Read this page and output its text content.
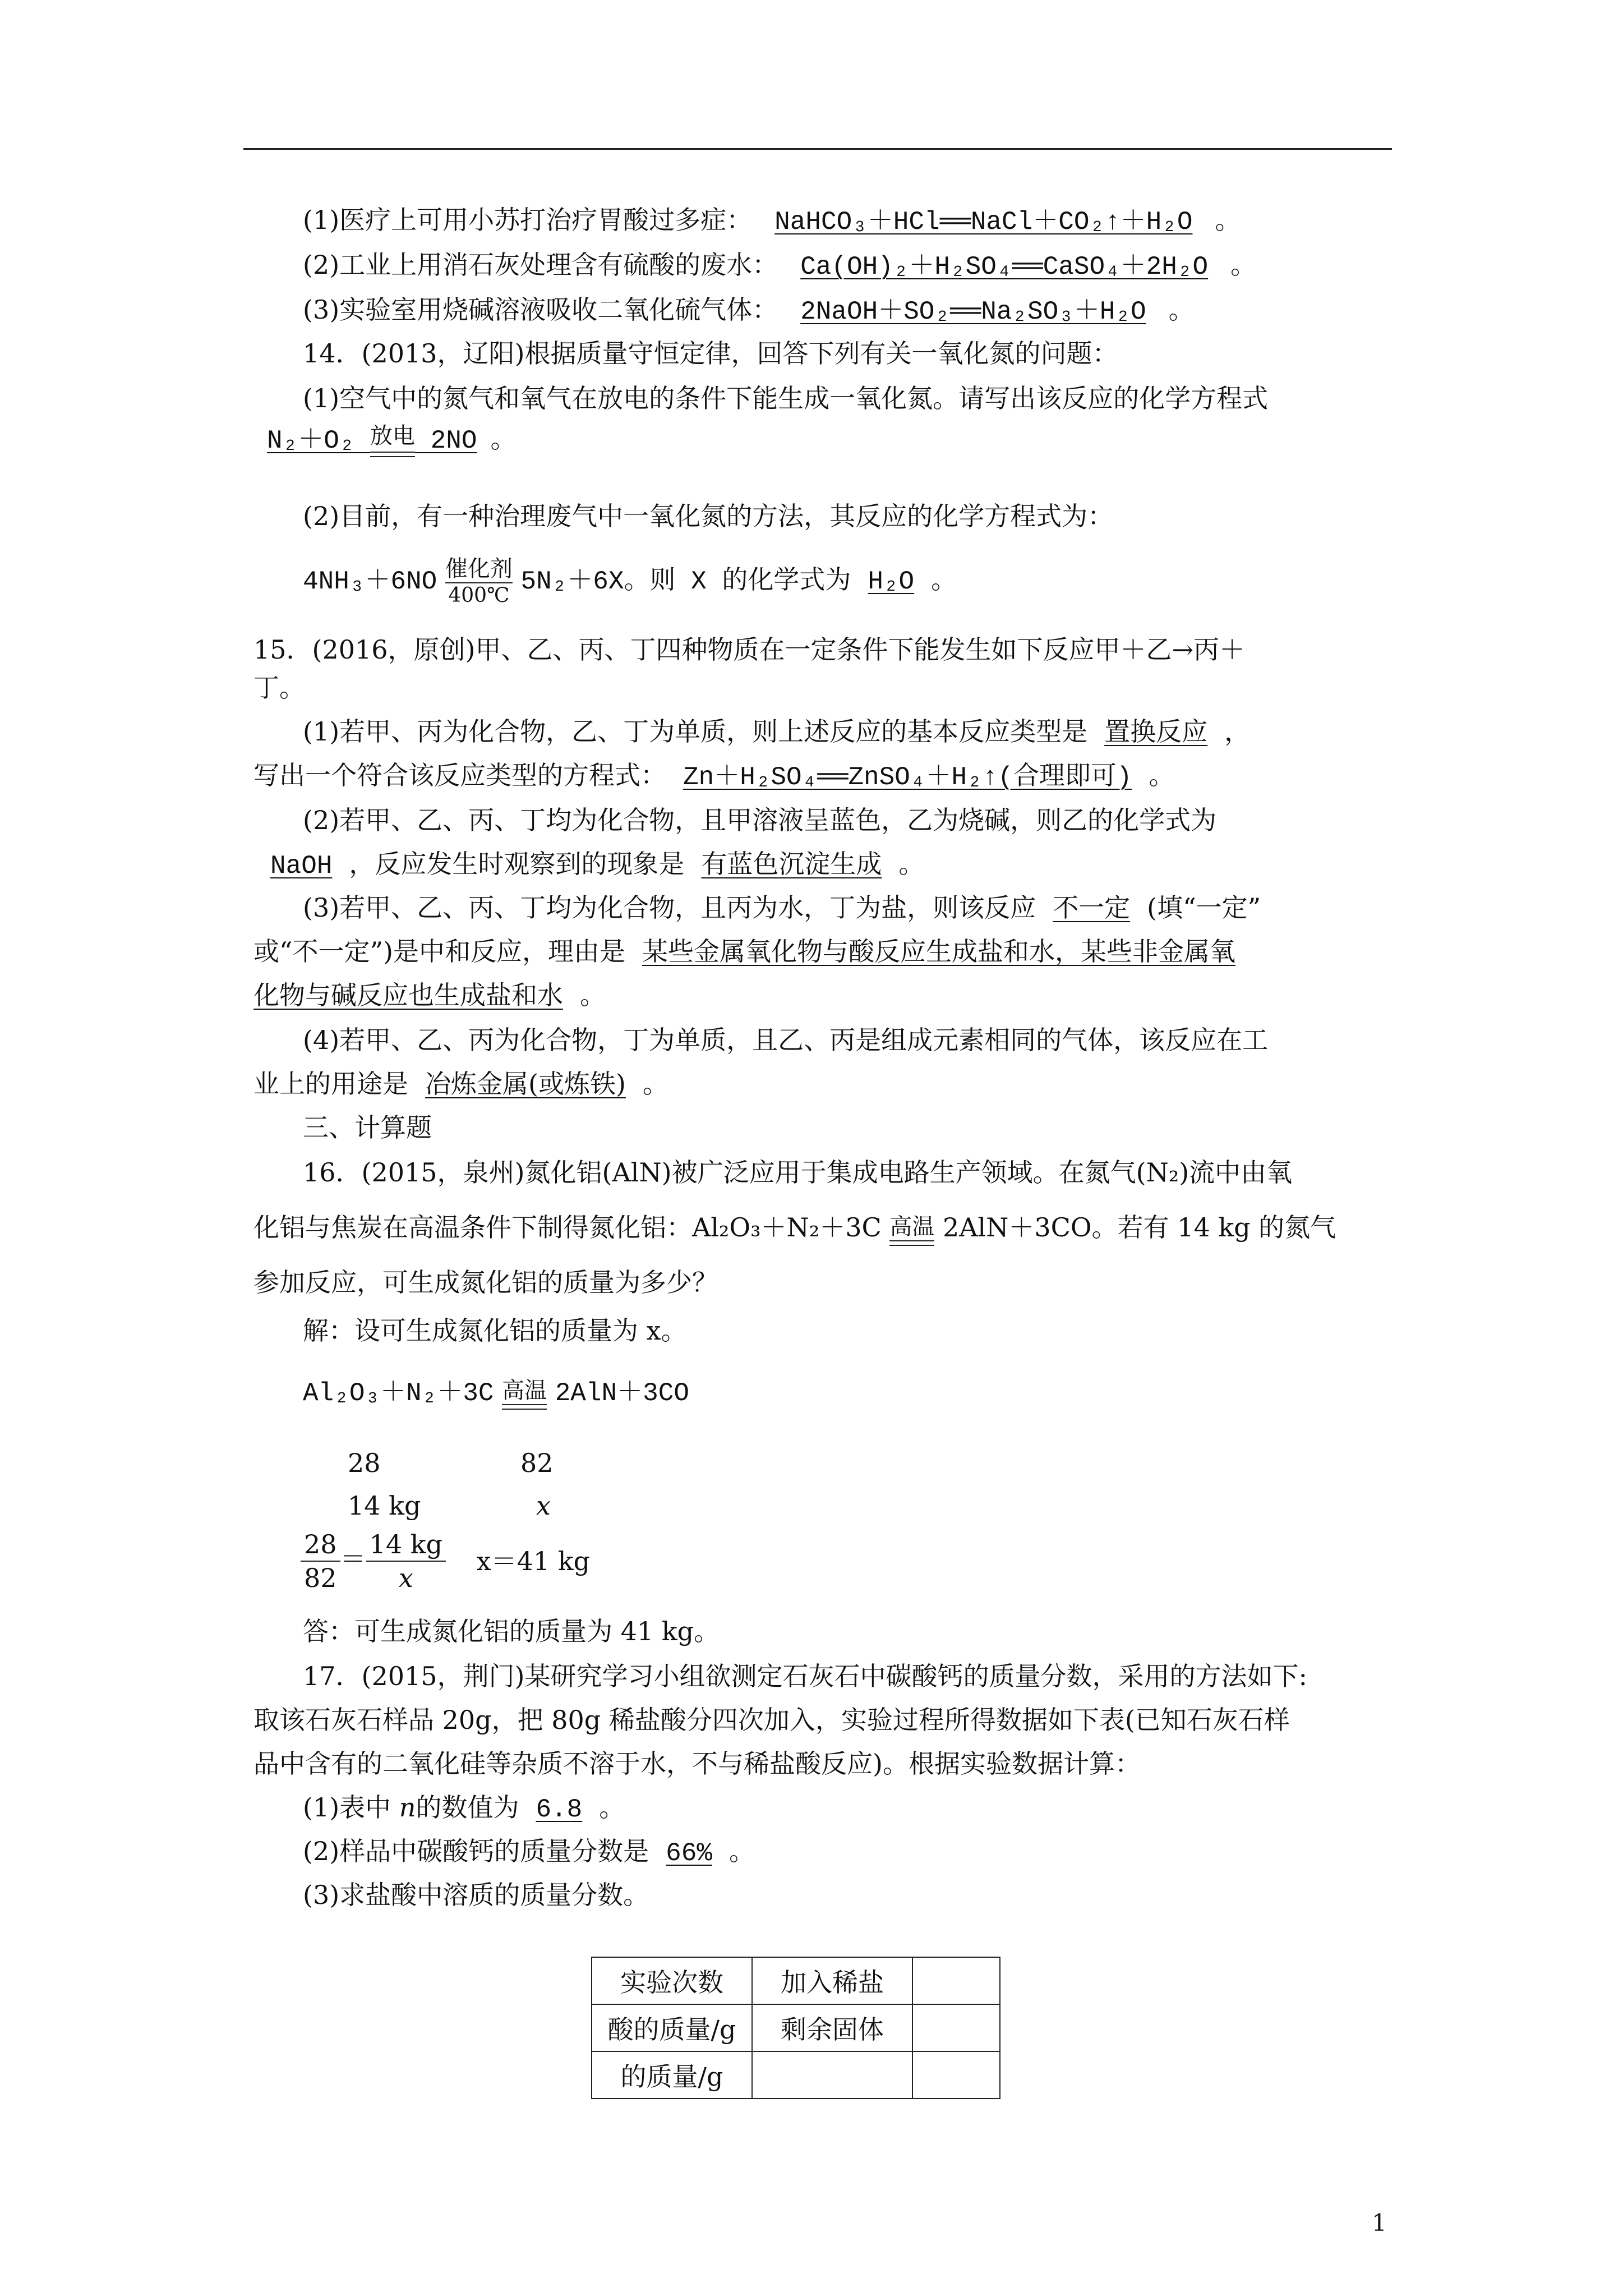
(1)医疗上可用小苏打治疗胃酸过多症： NaHCO₃＋HCl══NaCl＋CO₂↑＋H₂O 。
(2)工业上用消石灰处理含有硫酸的废水： Ca(OH)₂＋H₂SO₄══CaSO₄＋2H₂O 。
(3)实验室用烧碱溶液吸收二氧化硫气体： 2NaOH＋SO₂══Na₂SO₃＋H₂O 。
14．(2013，辽阳)根据质量守恒定律，回答下列有关一氧化氮的问题：
(1)空气中的氮气和氧气在放电的条件下能生成一氧化氮。请写出该反应的化学方程式
N₂＋O₂ 放电 2NO 。
(2)目前，有一种治理废气中一氧化氮的方法，其反应的化学方程式为：
4NH₃＋6NO 催化剂
400℃ 5N₂＋6X。则 X 的化学式为 H₂O 。
15．(2016，原创)甲、乙、丙、丁四种物质在一定条件下能发生如下反应甲＋乙→丙＋
丁。
(1)若甲、丙为化合物，乙、丁为单质，则上述反应的基本反应类型是 置换反应 ，
写出一个符合该反应类型的方程式： Zn＋H₂SO₄══ZnSO₄＋H₂↑(合理即可) 。
(2)若甲、乙、丙、丁均为化合物，且甲溶液呈蓝色，乙为烧碱，则乙的化学式为
NaOH ，反应发生时观察到的现象是 有蓝色沉淀生成 。
(3)若甲、乙、丙、丁均为化合物，且丙为水，丁为盐，则该反应 不一定 (填“一定”
或“不一定”)是中和反应，理由是 某些金属氧化物与酸反应生成盐和水，某些非金属氧
化物与碱反应也生成盐和水 。
(4)若甲、乙、丙为化合物，丁为单质，且乙、丙是组成元素相同的气体，该反应在工
业上的用途是 冶炼金属(或炼铁) 。
三、计算题
16．(2015，泉州)氮化铝(AlN)被广泛应用于集成电路生产领域。在氮气(N₂)流中由氧
化铝与焦炭在高温条件下制得氮化铝：Al₂O₃＋N₂＋3C 高温 2AlN＋3CO。若有 14 kg 的氮气
参加反应，可生成氮化铝的质量为多少？
解：设可生成氮化铝的质量为 x。
Al₂O₃＋N₂＋3C 高温 2AlN＋3CO
28	82
14 kg	x
$\frac{28}{82} = \frac{14 kg}{x} x=41$ kg
答：可生成氮化铝的质量为 41 kg。
17．(2015，荆门)某研究学习小组欲测定石灰石中碳酸钙的质量分数，采用的方法如下:
取该石灰石样品 20g，把 80g 稀盐酸分四次加入，实验过程所得数据如下表(已知石灰石样
品中含有的二氧化硅等杂质不溶于水，不与稀盐酸反应)。根据实验数据计算：
(1)表中 n的数值为 6.8 。
(2)样品中碳酸钙的质量分数是 66% 。
(3)求盐酸中溶质的质量分数。
实验次数	加入稀盐	
酸的质量/g	剩余固体	
的质量/g		
1
